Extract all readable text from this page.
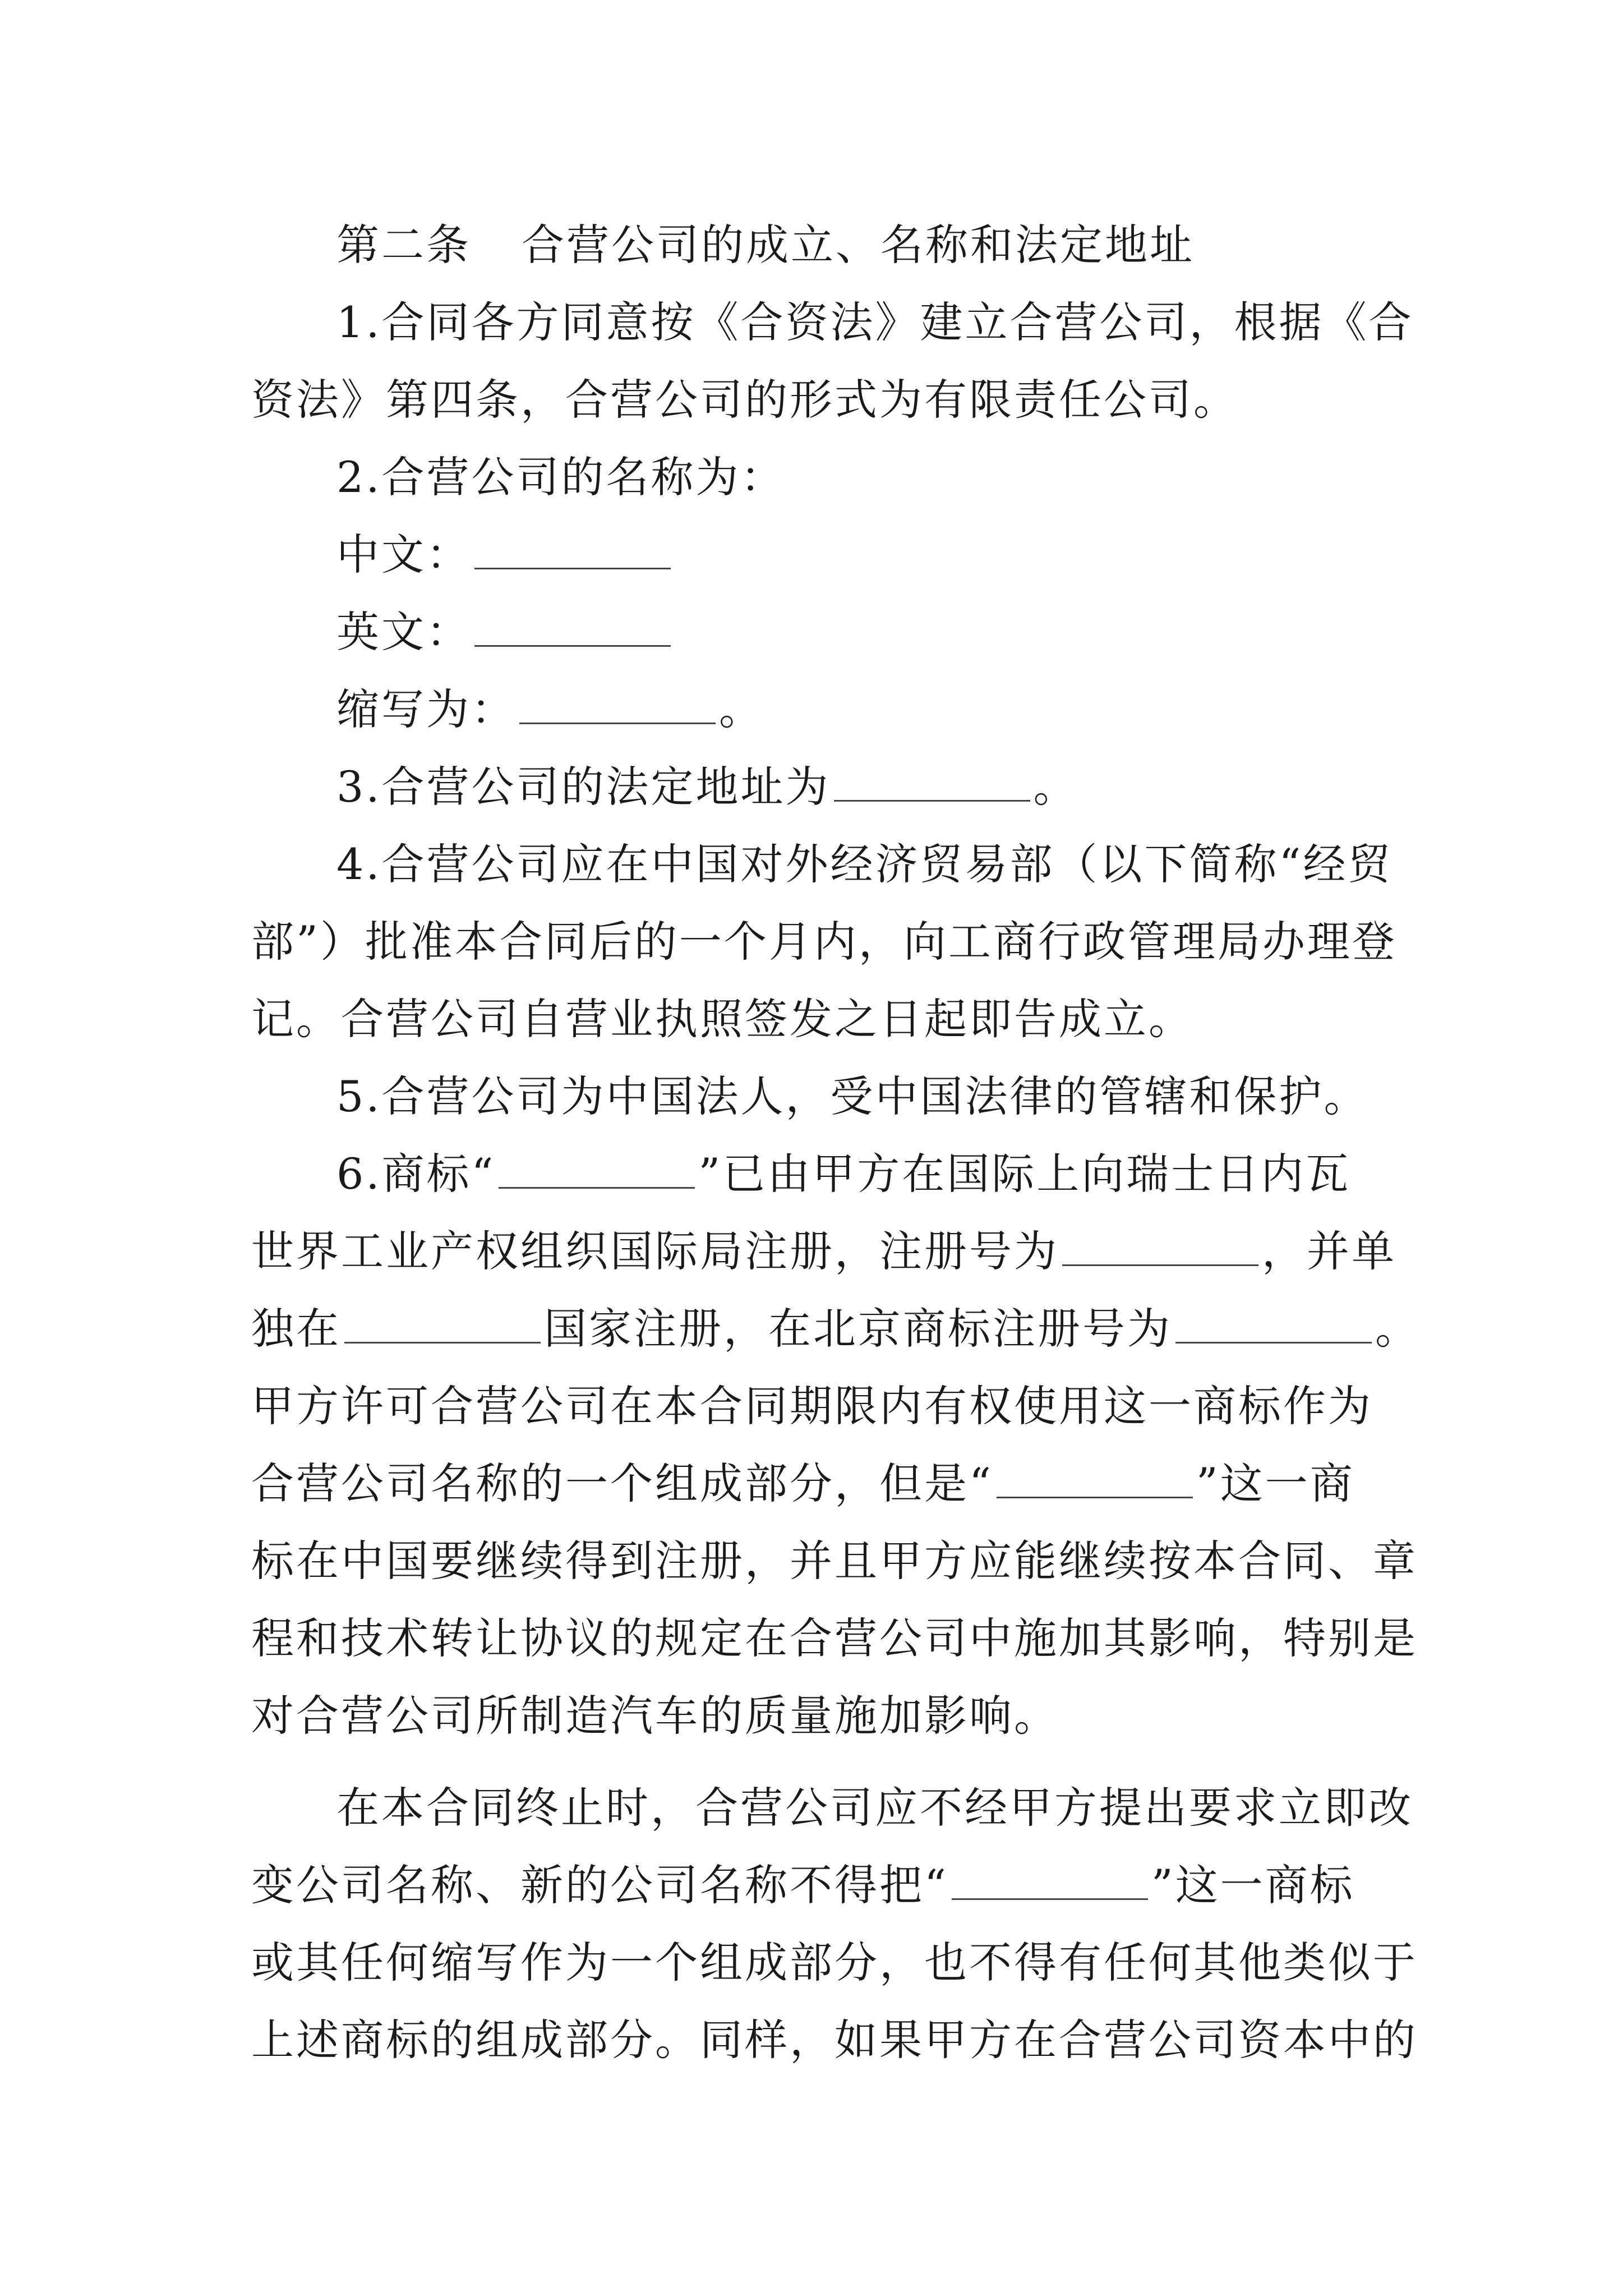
第二条 合营公司的成立、名称和法定地址
1.合同各方同意按《合资法》建立合营公司，根据《合
资法》第四条，合营公司的形式为有限责任公司。
2.合营公司的名称为：
中文：
英文：
缩写为：	。
3.合营公司的法定地址为	。
4.合营公司应在中国对外经济贸易部（以下简称“经贸
部”）批准本合同后的一个月内，向工商行政管理局办理登
记。合营公司自营业执照签发之日起即告成立。
5.合营公司为中国法人，受中国法律的管辖和保护。
6.商标“	”已由甲方在国际上向瑞士日内瓦
世界工业产权组织国际局注册，注册号为	，并单
独在	国家注册，在北京商标注册号为	。
甲方许可合营公司在本合同期限内有权使用这一商标作为
合营公司名称的一个组成部分，但是“	”这一商
标在中国要继续得到注册，并且甲方应能继续按本合同、章
程和技术转让协议的规定在合营公司中施加其影响，特别是
对合营公司所制造汽车的质量施加影响。
在本合同终止时，合营公司应不经甲方提出要求立即改
变公司名称、新的公司名称不得把“	”这一商标
或其任何缩写作为一个组成部分，也不得有任何其他类似于
上述商标的组成部分。同样，如果甲方在合营公司资本中的
